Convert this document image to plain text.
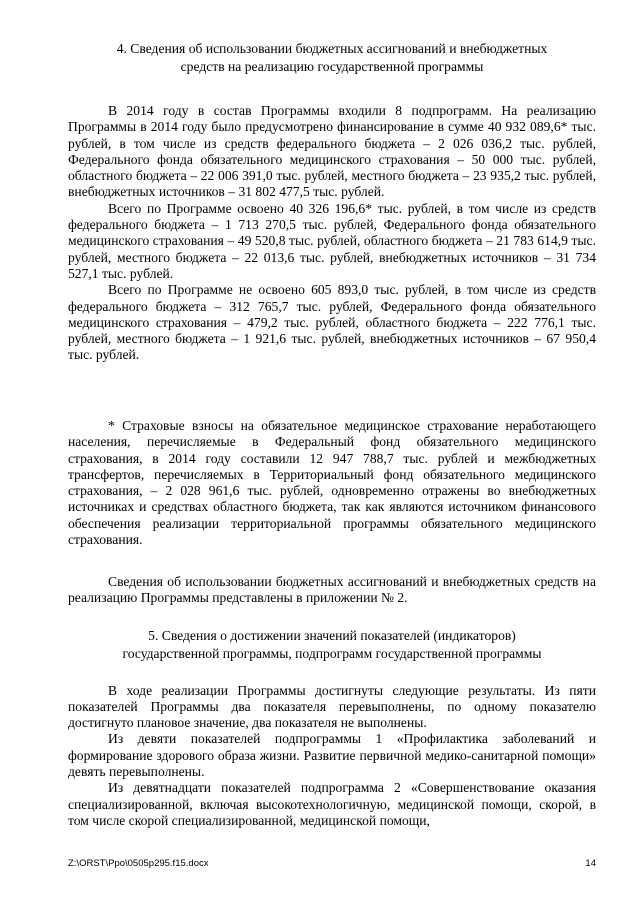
4. Сведения об использовании бюджетных ассигнований и внебюджетных

средств на реализацию государственной программы

В 2014 году в состав Программы входили 8 подпрограмм. На реализацию Программы в 2014 году было предусмотрено финансирование в сумме 40 932 089,6* тыс. рублей, в том числе из средств федерального бюджета – 2 026 036,2 тыс. рублей, Федерального фонда обязательного медицинского страхования – 50 000 тыс. рублей, областного бюджета – 22 006 391,0 тыс. рублей, местного бюджета – 23 935,2 тыс. рублей, внебюджетных источников – 31 802 477,5 тыс. рублей.

Всего по Программе освоено 40 326 196,6* тыс. рублей, в том числе из средств федерального бюджета – 1 713 270,5 тыс. рублей, Федерального фонда обязательного медицинского страхования – 49 520,8 тыс. рублей, областного бюджета – 21 783 614,9 тыс. рублей, местного бюджета – 22 013,6 тыс. рублей, внебюджетных источников – 31 734 527,1 тыс. рублей.

Всего по Программе не освоено 605 893,0 тыс. рублей, в том числе из средств федерального бюджета – 312 765,7 тыс. рублей, Федерального фонда обязательного медицинского страхования – 479,2 тыс. рублей, областного бюджета – 222 776,1 тыс. рублей, местного бюджета – 1 921,6 тыс. рублей, внебюджетных источников – 67 950,4 тыс. рублей.

* Страховые взносы на обязательное медицинское страхование неработающего населения, перечисляемые в Федеральный фонд обязательного медицинского страхования, в 2014 году составили 12 947 788,7 тыс. рублей и межбюджетных трансфертов, перечисляемых в Территориальный фонд обязательного медицинского страхования, – 2 028 961,6 тыс. рублей, одновременно отражены во внебюджетных источниках и средствах областного бюджета, так как являются источником финансового обеспечения реализации территориальной программы обязательного медицинского страхования.

Сведения об использовании бюджетных ассигнований и внебюджетных средств на реализацию Программы представлены в приложении № 2.

5. Сведения о достижении значений показателей (индикаторов)

государственной программы, подпрограмм государственной программы

В ходе реализации Программы достигнуты следующие результаты. Из пяти показателей Программы два показателя перевыполнены, по одному показателю достигнуто плановое значение, два показателя не выполнены.

Из девяти показателей подпрограммы 1 «Профилактика заболеваний и формирование здорового образа жизни. Развитие первичной медико-санитарной помощи» девять перевыполнены.

Из девятнадцати показателей подпрограмма 2 «Совершенствование оказания специализированной, включая высокотехнологичную, медицинской помощи, скорой, в том числе скорой специализированной, медицинской помощи,

Z:\ORST\Ppo\0505p295.f15.docx	14
